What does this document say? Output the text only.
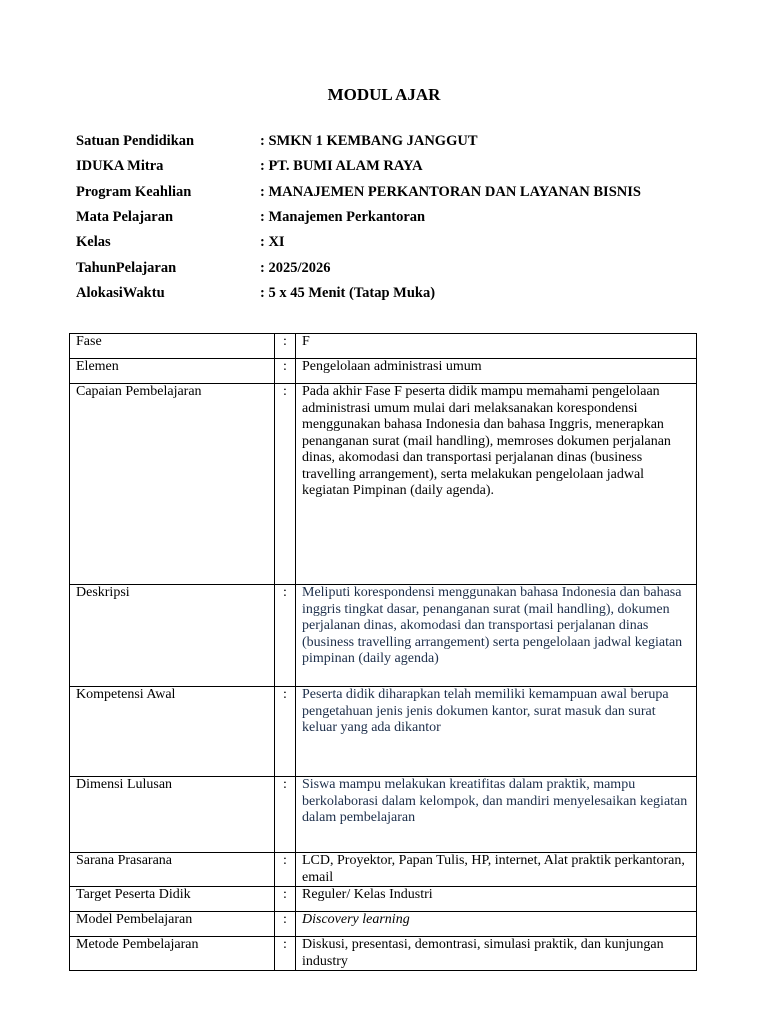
MODUL AJAR
Satuan Pendidikan	: SMKN 1 KEMBANG JANGGUT
IDUKA Mitra	: PT. BUMI ALAM RAYA
Program Keahlian	: MANAJEMEN PERKANTORAN DAN LAYANAN BISNIS
Mata Pelajaran	: Manajemen Perkantoran
Kelas	: XI
TahunPelajaran	: 2025/2026
AlokasiWaktu	: 5 x 45 Menit (Tatap Muka)
Fase	:	F
Elemen	:	Pengelolaan administrasi umum
Capaian Pembelajaran	:	Pada akhir Fase F peserta didik mampu memahami pengelolaan administrasi umum mulai dari melaksanakan korespondensi menggunakan bahasa Indonesia dan bahasa Inggris, menerapkan penanganan surat (mail handling), memroses dokumen perjalanan dinas, akomodasi dan transportasi perjalanan dinas (business travelling arrangement), serta melakukan pengelolaan jadwal kegiatan Pimpinan (daily agenda).
Deskripsi	:	Meliputi korespondensi menggunakan bahasa Indonesia dan bahasa inggris tingkat dasar, penanganan surat (mail handling), dokumen perjalanan dinas, akomodasi dan transportasi perjalanan dinas (business travelling arrangement) serta pengelolaan jadwal kegiatan pimpinan (daily agenda)
Kompetensi Awal	:	Peserta didik diharapkan telah memiliki kemampuan awal berupa pengetahuan jenis jenis dokumen kantor, surat masuk dan surat keluar yang ada dikantor
Dimensi Lulusan	:	Siswa mampu melakukan kreatifitas dalam praktik, mampu berkolaborasi dalam kelompok, dan mandiri menyelesaikan kegiatan dalam pembelajaran
Sarana Prasarana	:	LCD, Proyektor, Papan Tulis, HP, internet, Alat praktik perkantoran, email
Target Peserta Didik	:	Reguler/ Kelas Industri
Model Pembelajaran	:	Discovery learning
Metode Pembelajaran	:	Diskusi, presentasi, demontrasi, simulasi praktik, dan kunjungan industry
